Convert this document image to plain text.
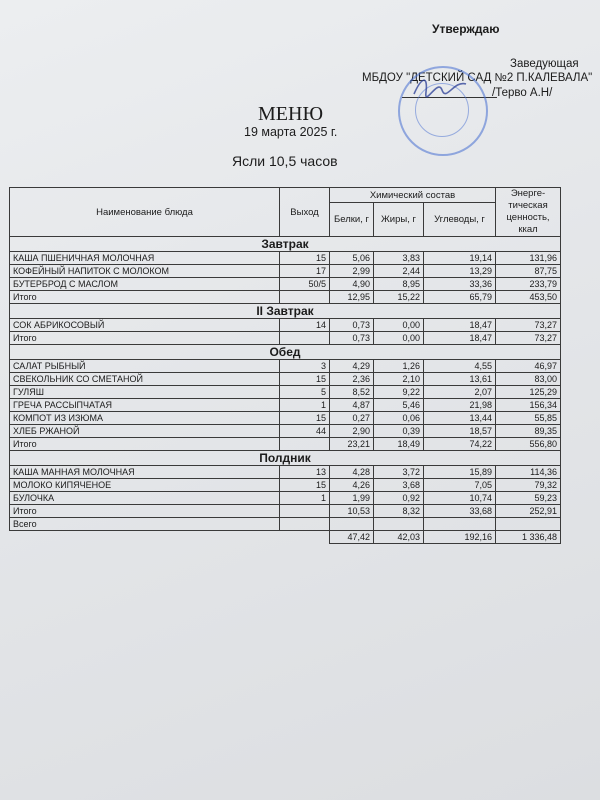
Утверждаю
Заведующая
МБДОУ "ДЕТСКИЙ САД №2 П.КАЛЕВАЛА"
/Терво А.Н/
МЕНЮ
19 марта 2025 г.
Ясли 10,5 часов
Наименование блюда	Выход	Химический состав			Энерге-тическая ценность, ккал
		Белки, г	Жиры, г	Углеводы, г	
Завтрак					
КАША ПШЕНИЧНАЯ МОЛОЧНАЯ	15	5,06	3,83	19,14	131,96
КОФЕЙНЫЙ НАПИТОК С МОЛОКОМ	17	2,99	2,44	13,29	87,75
БУТЕРБРОД С МАСЛОМ	50/5	4,90	8,95	33,36	233,79
Итого		12,95	15,22	65,79	453,50
II Завтрак					
СОК АБРИКОСОВЫЙ	14	0,73	0,00	18,47	73,27
Итого		0,73	0,00	18,47	73,27
Обед					
САЛАТ РЫБНЫЙ	3	4,29	1,26	4,55	46,97
СВЕКОЛЬНИК СО СМЕТАНОЙ	15	2,36	2,10	13,61	83,00
ГУЛЯШ	5	8,52	9,22	2,07	125,29
ГРЕЧА РАССЫПЧАТАЯ	1	4,87	5,46	21,98	156,34
КОМПОТ ИЗ ИЗЮМА	15	0,27	0,06	13,44	55,85
ХЛЕБ РЖАНОЙ	44	2,90	0,39	18,57	89,35
Итого		23,21	18,49	74,22	556,80
Полдник					
КАША МАННАЯ МОЛОЧНАЯ	13	4,28	3,72	15,89	114,36
МОЛОКО КИПЯЧЕНОЕ	15	4,26	3,68	7,05	79,32
БУЛОЧКА	1	1,99	0,92	10,74	59,23
Итого		10,53	8,32	33,68	252,91
Всего					
		47,42	42,03	192,16	1 336,48
